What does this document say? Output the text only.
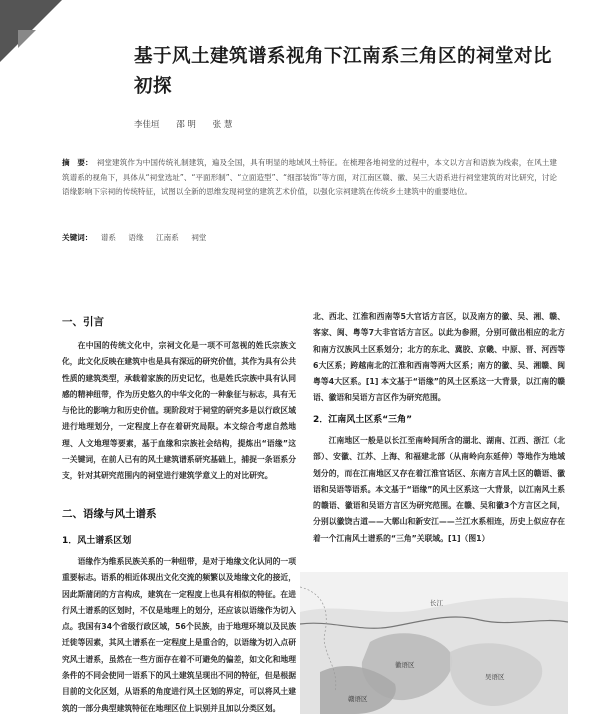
基于风土建筑谱系视角下江南系三角区的祠堂对比初探
李佳垣 邵 明 张 慧
摘　要： 祠堂建筑作为中国传统礼制建筑，遍及全国，具有明显的地域风土特征。在梳理各地祠堂的过程中，本文以方言和语族为线索，在风土建筑谱系的视角下，具体从“祠堂选址”、“平面形制”、“立面造型”、“细部装饰”等方面，对江南区赣、徽、吴三大语系进行祠堂建筑的对比研究，讨论语缘影响下宗祠的传统特征，试图以全新的思维发现祠堂的建筑艺术价值，以强化宗祠建筑在传统乡土建筑中的重要地位。
关键词： 谱系 语缘 江南系 祠堂
一、引言
在中国的传统文化中，宗祠文化是一项不可忽视的姓氏宗族文化，此文化反映在建筑中也是具有深远的研究价值，其作为具有公共性质的建筑类型，承载着家族的历史记忆，也是姓氏宗族中具有认同感的精神纽带，作为历史悠久的中华文化的一种象征与标志，具有无与伦比的影响力和历史价值。现阶段对于祠堂的研究多是以行政区域进行地理划分，一定程度上存在着研究局限。本文综合考虑自然地理、人文地理等要素，基于血缘和宗族社会结构，提炼出“语缘”这一关键词，在前人已有的风土建筑谱系研究基础上，捕捉一条语系分支，针对其研究范围内的祠堂进行建筑学意义上的对比研究。
二、语缘与风土谱系
1．风土谱系区划
语缘作为维系民族关系的一种纽带，是对于地缘文化认同的一项重要标志。语系的相近体现出文化交流的频繁以及地缘文化的接近，因此斯蒲闭的方言构成，建筑在一定程度上也具有相似的特征。在进行风土谱系的区划时，不仅是地理上的划分，还应该以语缘作为切入点。我国有34个省级行政区域，56个民族，由于地理环境以及民族迁徙等因素，其风土谱系在一定程度上是重合的，以语缘为切入点研究风土谱系，虽然在一些方面存在着不可避免的偏差，如文化和地理条件的不同会使同一语系下的风土建筑呈现出不同的特征，但是根据目前的文化区划，从语系的角度进行风土区划的界定，可以将风土建筑的一部分典型建筑特征在地理区位上识别并且加以分类区划。
北、西北、江淮和西南等5大官话方言区，以及南方的徽、吴、湘、赣、客家、闽、粤等7大非官话方言区。以此为参照，分别可做出相应的北方和南方汉族风土区系划分；北方的东北、冀胶、京畿、中原、晋、河西等6大区系；跨越南北的江淮和西南等两大区系；南方的徽、吴、湘赣、闽粤等4大区系。[1] 本文基于“语缘”的风土区系这一大背景，以江南的赣语、徽语和吴语方言区作为研究范围。
2．江南风土区系“三角”
江南地区一般是以长江至南岭间所含的湖北、湖南、江西、浙江（北部）、安徽、江苏、上海、和福建北部（从南岭向东延伸）等地作为地域划分的，而在江南地区又存在着江淮官话区、东南方言风土区的赣语、徽语和吴语等语系。本文基于“语缘”的风土区系这一大背景，以江南风土系的赣语、徽语和吴语方言区为研究范围。在赣、吴和徽3个方言区之间，分别以徽饶古道——大鄣山和新安江——兰江水系相连，历史上似应存在着一个江南风土谱系的“三角”关联域。[1]（图1）
长江
徽语区
吴语区
赣语区
